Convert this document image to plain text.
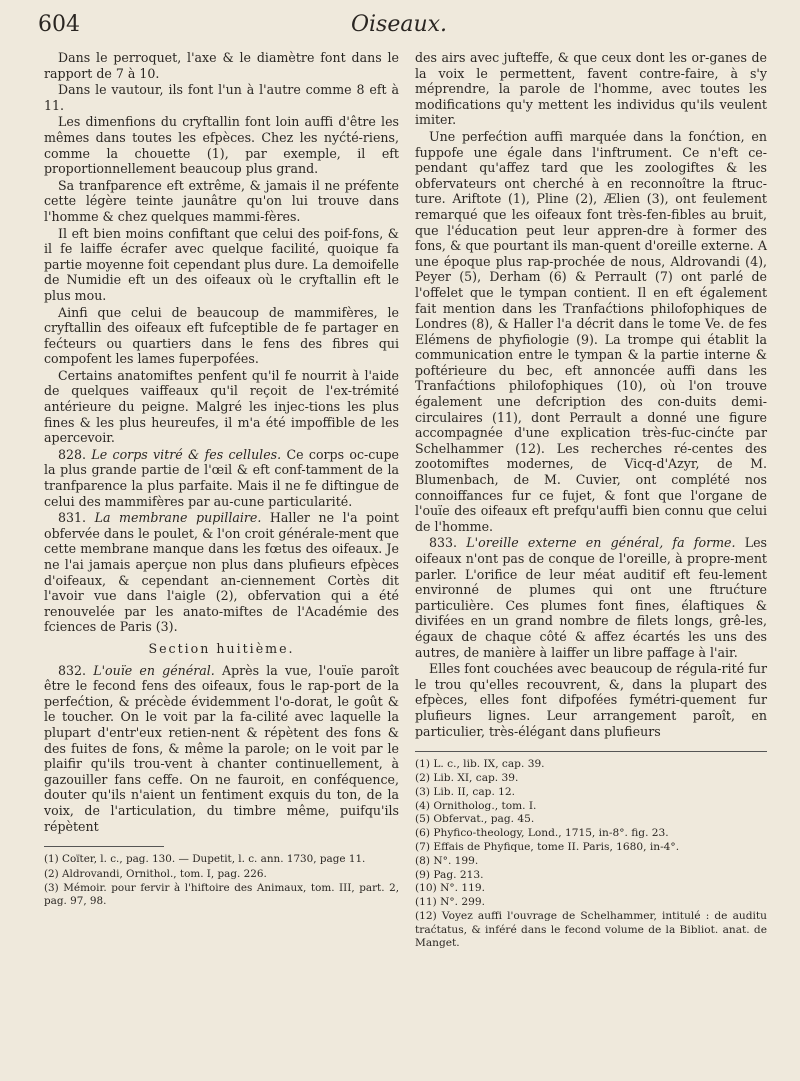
604	Oiseaux.

Dans le perroquet, l'axe & le diamètre font dans le rapport de 7 à 10.

Dans le vautour, ils font l'un à l'autre comme 8 eft à 11.

Les dimenfions du cryftallin font loin auffi d'être les mêmes dans toutes les efpèces. Chez les nyćté-riens, comme la chouette (1), par exemple, il eft proportionnellement beaucoup plus grand.

Sa tranfparence eft extrême, & jamais il ne préfente cette légère teinte jaunâtre qu'on lui trouve dans l'homme & chez quelques mammi-fères.

Il eft bien moins confiftant que celui des poif-fons, & il fe laiffe écrafer avec quelque facilité, quoique fa partie moyenne foit cependant plus dure. La demoifelle de Numidie eft un des oifeaux où le cryftallin eft le plus mou.

Ainfi que celui de beaucoup de mammifères, le cryftallin des oifeaux eft fufceptible de fe partager en fećteurs ou quartiers dans le fens des fibres qui compofent les lames fuperpofées.

Certains anatomiftes penfent qu'il fe nourrit à l'aide de quelques vaiffeaux qu'il reçoit de l'ex-trémité antérieure du peigne. Malgré les injec-tions les plus fines & les plus heureufes, il m'a été impoffible de les apercevoir.

828. Le corps vitré & fes cellules. Ce corps oc-cupe la plus grande partie de l'œil & eft conf-tamment de la tranfparence la plus parfaite. Mais il ne fe diftingue de celui des mammifères par au-cune particularité.

831. La membrane pupillaire. Haller ne l'a point obfervée dans le poulet, & l'on croit générale-ment que cette membrane manque dans les fœtus des oifeaux. Je ne l'ai jamais aperçue non plus dans plufieurs efpèces d'oifeaux, & cependant an-ciennement Cortès dit l'avoir vue dans l'aigle (2), obfervation qui a été renouvelée par les anato-miftes de l'Académie des fciences de Paris (3).

Section huitième.

832. L'ouïe en général. Après la vue, l'ouïe paroît être le fecond fens des oifeaux, fous le rap-port de la perfećtion, & précède évidemment l'o-dorat, le goût & le toucher. On le voit par la fa-cilité avec laquelle la plupart d'entr'eux retien-nent & répètent des fons & des fuites de fons, & même la parole; on le voit par le plaifir qu'ils trou-vent à chanter continuellement, à gazouiller fans ceffe. On ne fauroit, en conféquence, douter qu'ils n'aient un fentiment exquis du ton, de la voix, de l'articulation, du timbre même, puifqu'ils répètent

(1) Coïter, l. c., pag. 130. — Dupetit, l. c. ann. 1730, page 11.

(2) Aldrovandi, Ornithol., tom. I, pag. 226.

(3) Mémoir. pour fervir à l'hiftoire des Animaux, tom. III, part. 2, pag. 97, 98.

des airs avec jufteffe, & que ceux dont les or-ganes de la voix le permettent, favent contre-faire, à s'y méprendre, la parole de l'homme, avec toutes les modifications qu'y mettent les individus qu'ils veulent imiter.

Une perfećtion auffi marquée dans la fonćtion, en fuppofe une égale dans l'inftrument. Ce n'eft ce-pendant qu'affez tard que les zoologiftes & les obfervateurs ont cherché à en reconnoître la ftruc-ture. Ariftote (1), Pline (2), Ælien (3), ont feulement remarqué que les oifeaux font très-fen-fibles au bruit, que l'éducation peut leur appren-dre à former des fons, & que pourtant ils man-quent d'oreille externe. A une époque plus rap-prochée de nous, Aldrovandi (4), Peyer (5), Derham (6) & Perrault (7) ont parlé de l'offelet que le tympan contient. Il en eft également fait mention dans les Tranfaćtions philofophiques de Londres (8), & Haller l'a décrit dans le tome Ve. de fes Elémens de phyfiologie (9). La trompe qui établit la communication entre le tympan & la partie interne & poftérieure du bec, eft annoncée auffi dans les Tranfaćtions philofophiques (10), où l'on trouve également une defcription des con-duits demi-circulaires (11), dont Perrault a donné une figure accompagnée d'une explication très-fuc-cinćte par Schelhammer (12). Les recherches ré-centes des zootomiftes modernes, de Vicq-d'Azyr, de M. Blumenbach, de M. Cuvier, ont complété nos connoiffances fur ce fujet, & font que l'organe de l'ouïe des oifeaux eft prefqu'auffi bien connu que celui de l'homme.

833. L'oreille externe en général, fa forme. Les oifeaux n'ont pas de conque de l'oreille, à propre-ment parler. L'orifice de leur méat auditif eft feu-lement environné de plumes qui ont une ftrućture particulière. Ces plumes font fines, élaftiques & divifées en un grand nombre de filets longs, grê-les, égaux de chaque côté & affez écartés les uns des autres, de manière à laiffer un libre paffage à l'air.

Elles font couchées avec beaucoup de régula-rité fur le trou qu'elles recouvrent, &, dans la plupart des efpèces, elles font difpofées fymétri-quement fur plufieurs lignes. Leur arrangement paroît, en particulier, très-élégant dans plufieurs

(1) L. c., lib. IX, cap. 39.
(2) Lib. XI, cap. 39.
(3) Lib. II, cap. 12.
(4) Ornitholog., tom. I.
(5) Obfervat., pag. 45.
(6) Phyfico-theology, Lond., 1715, in-8°. fig. 23.
(7) Effais de Phyfique, tome II. Paris, 1680, in-4°.
(8) N°. 199.
(9) Pag. 213.
(10) N°. 119.
(11) N°. 299.
(12) Voyez auffi l'ouvrage de Schelhammer, intitulé : de auditu traćtatus, & inféré dans le fecond volume de la Bibliot. anat. de Manget.
